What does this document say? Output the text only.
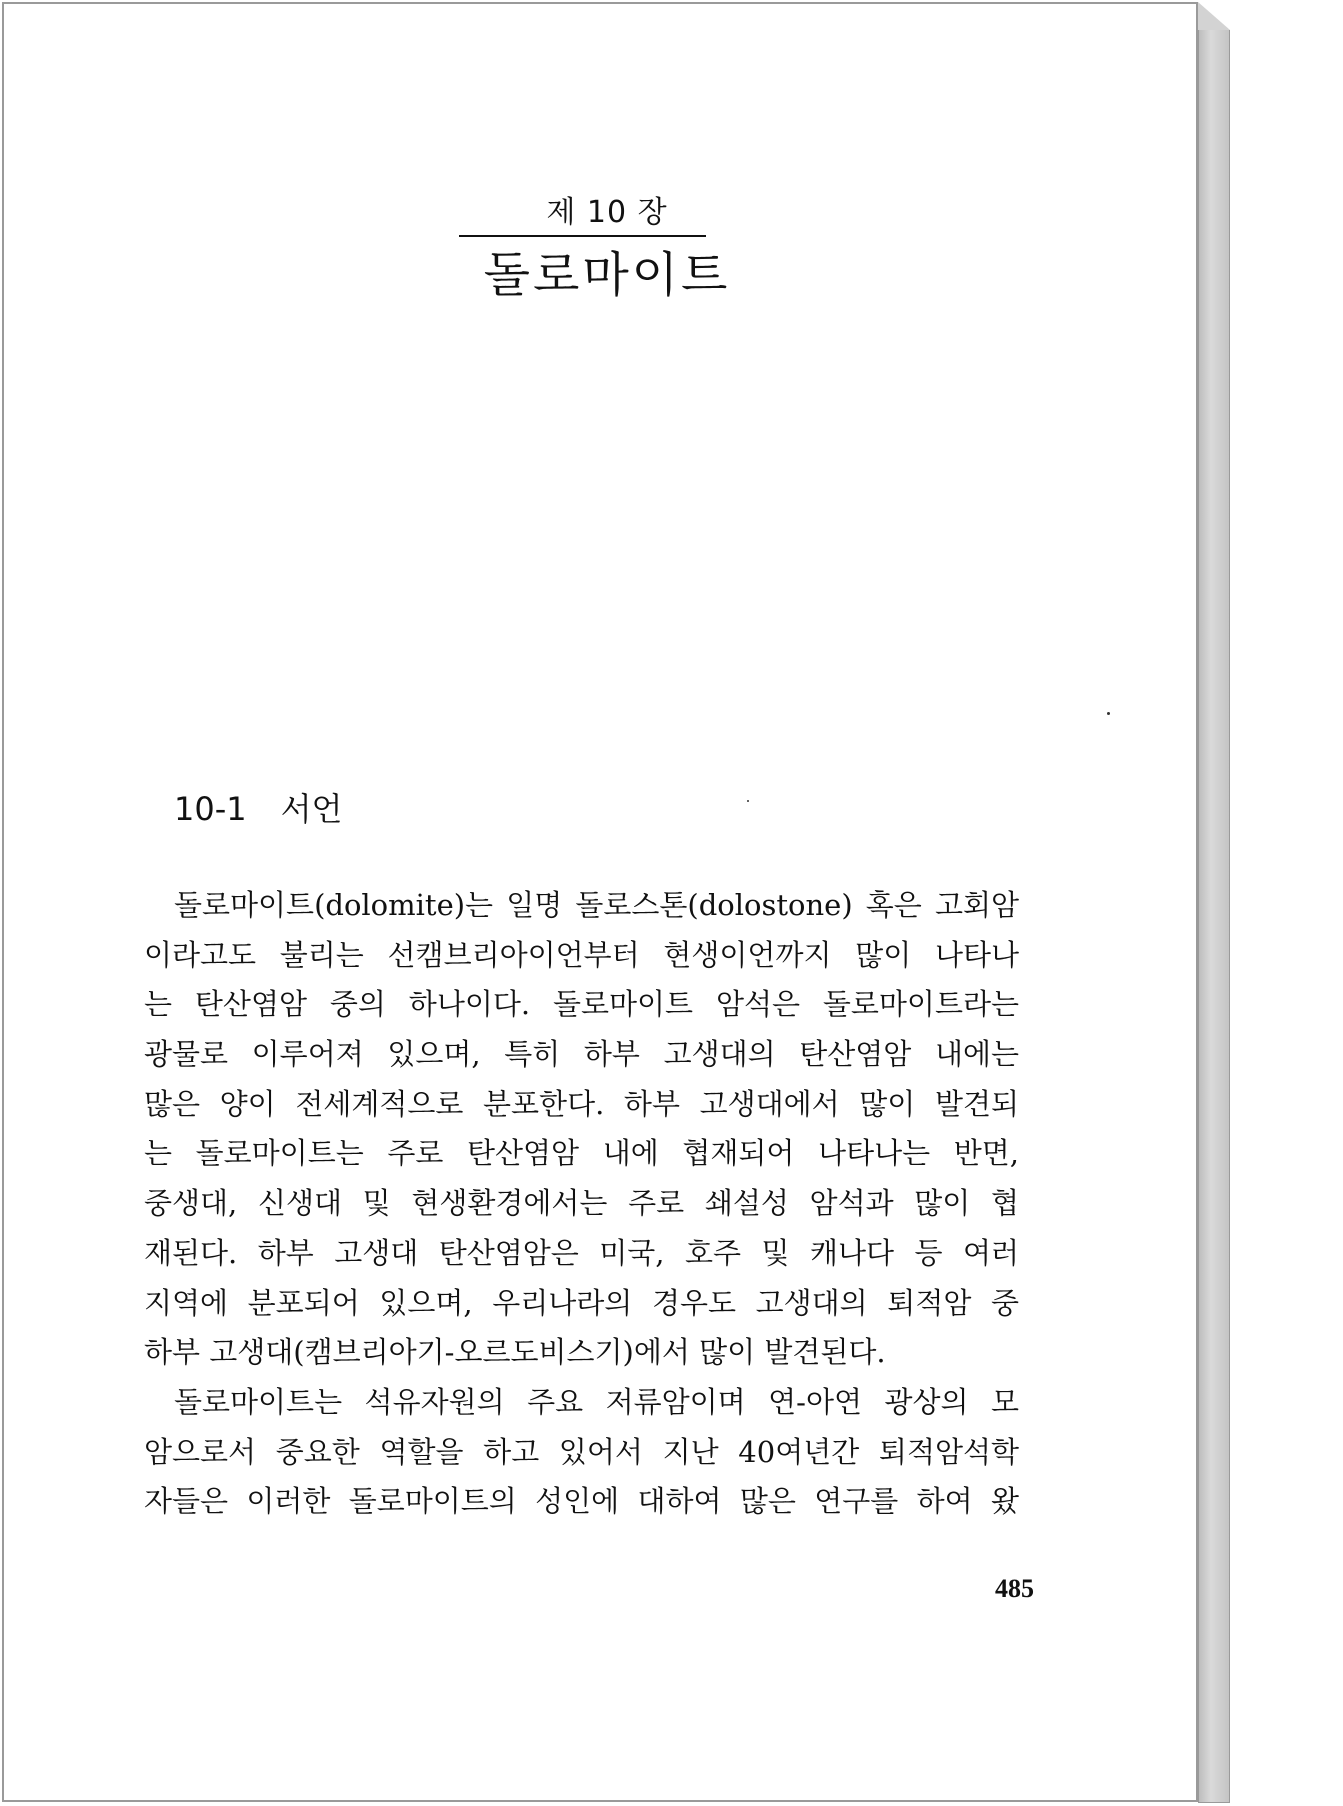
제 10 장
돌로마이트
10-1 서언
돌로마이트(dolomite)는 일명 돌로스톤(dolostone) 혹은 고회암
이라고도 불리는 선캠브리아이언부터 현생이언까지 많이 나타나
는 탄산염암 중의 하나이다. 돌로마이트 암석은 돌로마이트라는
광물로 이루어져 있으며, 특히 하부 고생대의 탄산염암 내에는
많은 양이 전세계적으로 분포한다. 하부 고생대에서 많이 발견되
는 돌로마이트는 주로 탄산염암 내에 협재되어 나타나는 반면,
중생대, 신생대 및 현생환경에서는 주로 쇄설성 암석과 많이 협
재된다. 하부 고생대 탄산염암은 미국, 호주 및 캐나다 등 여러
지역에 분포되어 있으며, 우리나라의 경우도 고생대의 퇴적암 중
하부 고생대(캠브리아기-오르도비스기)에서 많이 발견된다.
돌로마이트는 석유자원의 주요 저류암이며 연-아연 광상의 모
암으로서 중요한 역할을 하고 있어서 지난 40여년간 퇴적암석학
자들은 이러한 돌로마이트의 성인에 대하여 많은 연구를 하여 왔
485
